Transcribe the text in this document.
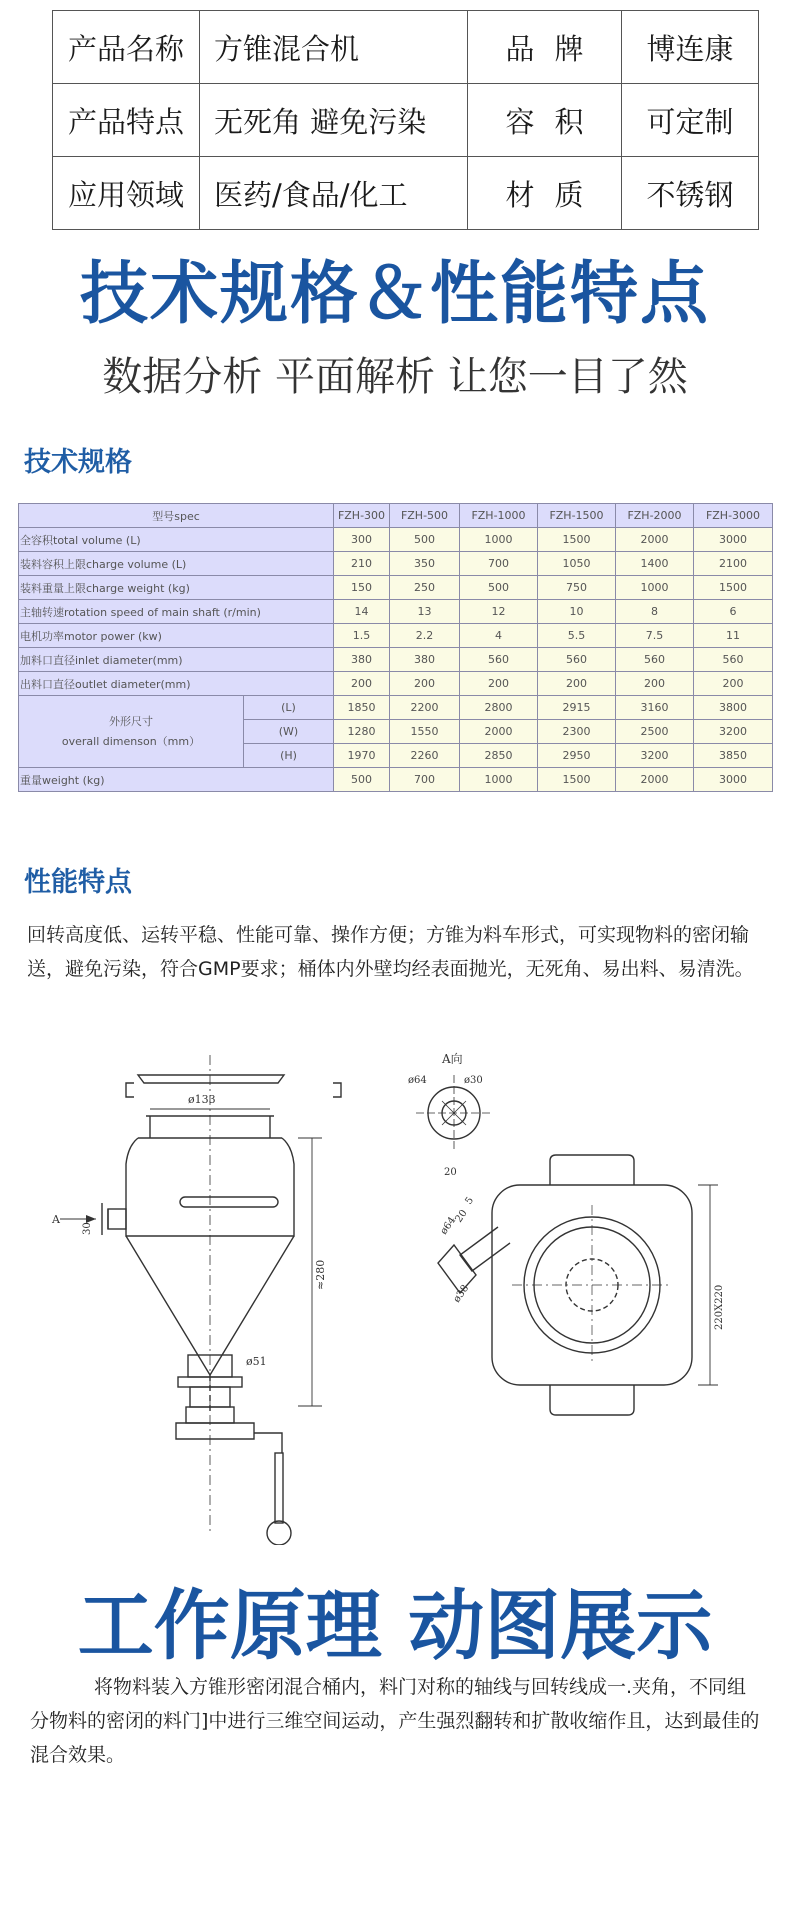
产品名称	方锥混合机	品牌	博连康
产品特点	无死角 避免污染	容积	可定制
应用领域	医药/食品/化工	材质	不锈钢
技术规格＆性能特点
数据分析 平面解析 让您一目了然
技术规格
型号spec		FZH-300	FZH-500	FZH-1000	FZH-1500	FZH-2000	FZH-3000
全容积total volume (L)		300	500	1000	1500	2000	3000
装料容积上限charge volume (L)		210	350	700	1050	1400	2100
装料重量上限charge weight (kg)		150	250	500	750	1000	1500
主轴转速rotation speed of main shaft (r/min)		14	13	12	10	8	6
电机功率motor power (kw)		1.5	2.2	4	5.5	7.5	11
加料口直径inlet diameter(mm)		380	380	560	560	560	560
出料口直径outlet diameter(mm)		200	200	200	200	200	200

外形尺寸
overall dimenson（mm）	(L)	1850	2200	2800	2915	3160	3800
	(W)	1280	1550	2000	2300	2500	3200
	(H)	1970	2260	2850	2950	3200	3850
重量weight (kg)		500	700	1000	1500	2000	3000
性能特点
回转高度低、运转平稳、性能可靠、操作方便；方锥为料车形式，可实现物料的密闭输送，避免污染，符合GMP要求；桶体内外壁均经表面抛光，无死角、易出料、易清洗。
A
30
ø133
≈280
ø51
A向
ø64	ø30
20
ø64
20
5
ø38	220X220
工作原理 动图展示
将物料装入方锥形密闭混合桶内，料门对称的轴线与回转线成一.夹角，不同组分物料的密闭的料门]中进行三维空间运动，产生强烈翻转和扩散收缩作且，达到最佳的混合效果。
